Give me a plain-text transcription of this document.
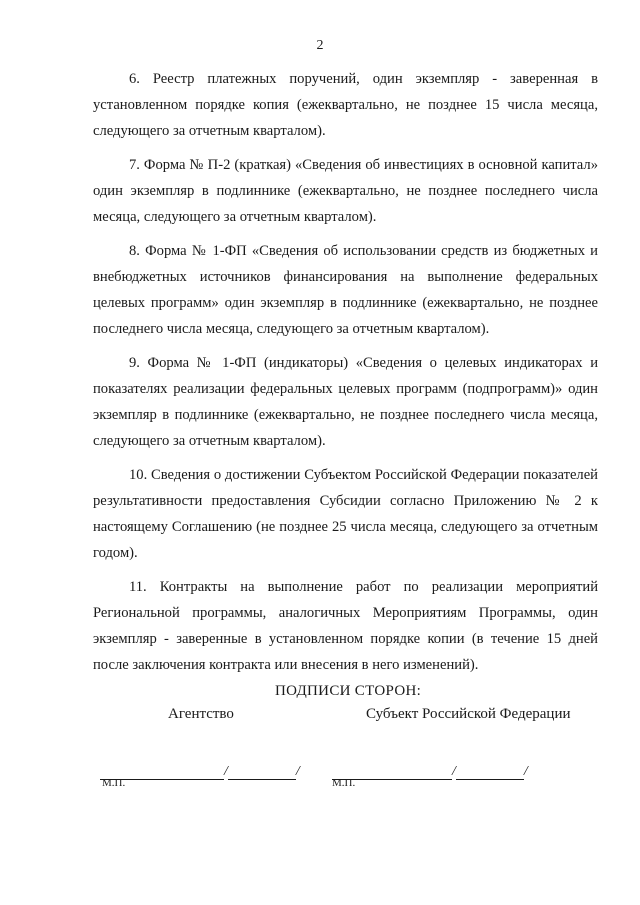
2

6. Реестр платежных поручений, один экземпляр - заверенная в установленном порядке копия (ежеквартально, не позднее 15 числа месяца, следующего за отчетным кварталом).

7. Форма № П-2 (краткая) «Сведения об инвестициях в основной капитал» один экземпляр в подлиннике (ежеквартально, не позднее последнего числа месяца, следующего за отчетным кварталом).

8. Форма № 1-ФП «Сведения об использовании средств из бюджетных и внебюджетных источников финансирования на выполнение федеральных целевых программ» один экземпляр в подлиннике (ежеквартально, не позднее последнего числа месяца, следующего за отчетным кварталом).

9. Форма № 1-ФП (индикаторы) «Сведения о целевых индикаторах и показателях реализации федеральных целевых программ (подпрограмм)» один экземпляр в подлиннике (ежеквартально, не позднее последнего числа месяца, следующего за отчетным кварталом).

10. Сведения о достижении Субъектом Российской Федерации показателей результативности предоставления Субсидии согласно Приложению № 2 к настоящему Соглашению (не позднее 25 числа месяца, следующего за отчетным годом).

11. Контракты на выполнение работ по реализации мероприятий Региональной программы, аналогичных Мероприятиям Программы, один экземпляр - заверенные в установленном порядке копии (в течение 15 дней после заключения контракта или внесения в него изменений).

ПОДПИСИ СТОРОН:
Агентство	Субъект Российской Федерации
/	/	/	/
М.П.	М.П.
